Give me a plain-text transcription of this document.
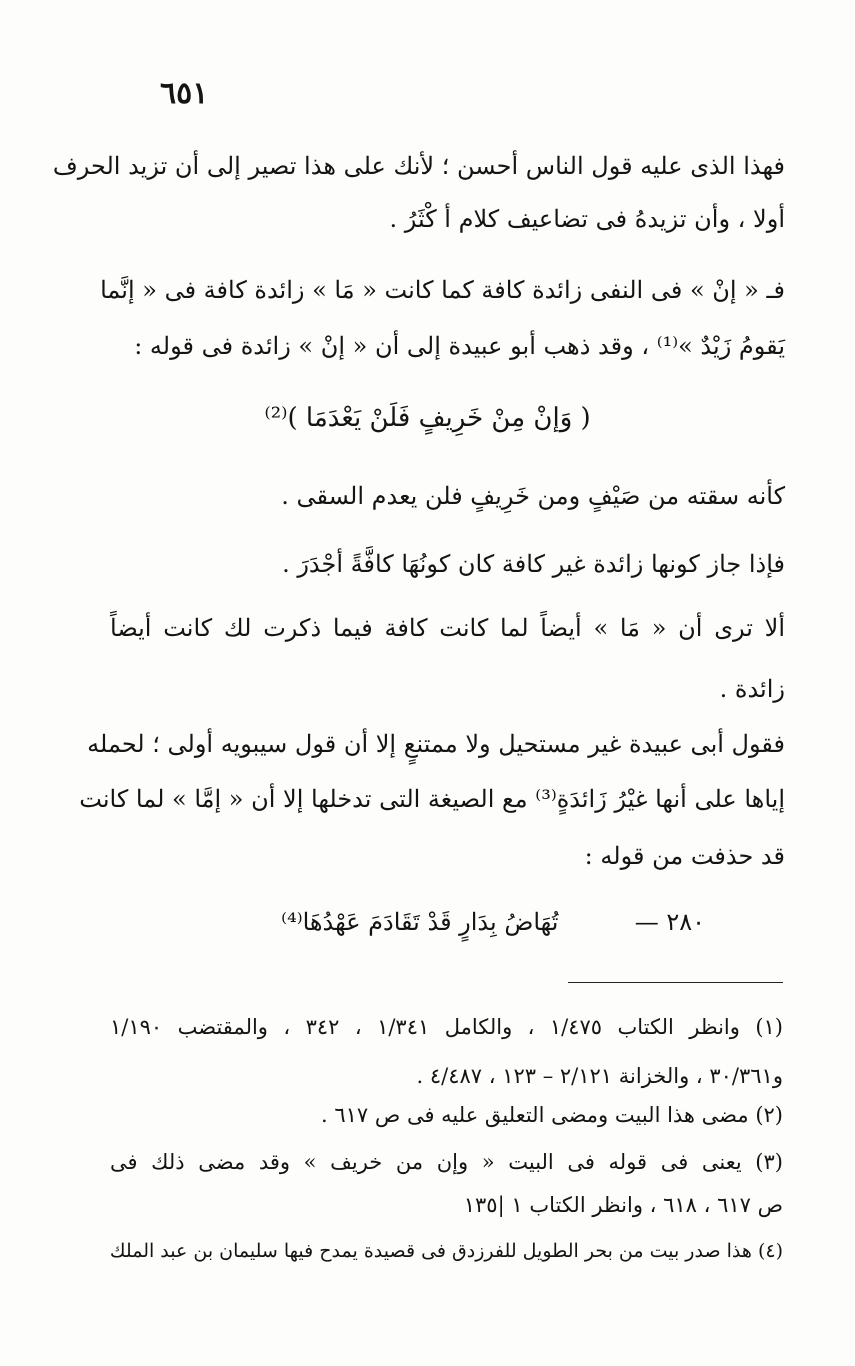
٦٥١
فهذا الذى عليه قول الناس أحسن ؛ لأنك على هذا تصير إلى أن تزيد الحرف
أولا ، وأن تزيدهُ فى تضاعيف كلام أ كْثَرُ .
فـ « إنْ » فى النفى زائدة كافة كما كانت « مَا » زائدة كافة فى « إنَّما
يَقومُ زَيْدٌ »⁽¹⁾ ، وقد ذهب أبو عبيدة إلى أن « إنْ » زائدة فى قوله :
( وَإنْ مِنْ خَرِيفٍ فَلَنْ يَعْدَمَا )⁽²⁾
كأنه سقته من صَيْفٍ ومن خَرِيفٍ فلن يعدم السقى .
فإذا جاز كونها زائدة غير كافة كان كونُهَا كافَّةً أجْدَرَ .
ألا ترى أن « مَا » أيضاً لما كانت كافة فيما ذكرت لك كانت أيضاً
زائدة .
فقول أبى عبيدة غير مستحيل ولا ممتنعٍ إلا أن قول سيبويه أولى ؛ لحمله
إياها على أنها غيْرُ زَائدَةٍ⁽³⁾ مع الصيغة التى تدخلها إلا أن « إمَّا » لما كانت
قد حذفت من قوله :
٢٨٠ —          تُهَاضُ بِدَارٍ قَدْ تَقَادَمَ عَهْدُهَا⁽⁴⁾
(١) وانظر الكتاب ١/٤٧٥ ، والكامل ١/٣٤١ ، ٣٤٢ ، والمقتضب ١/١٩٠
و٣٠/٣٦١ ، والخزانة ٢/١٢١ – ١٢٣ ، ٤/٤٨٧ .
(٢) مضى هذا البيت ومضى التعليق عليه فى ص ٦١٧ .
(٣) يعنى فى قوله فى البيت « وإن من خريف » وقد مضى ذلك فى
ص ٦١٧ ، ٦١٨ ، وانظر الكتاب ١ |١٣٥
(٤) هذا صدر بيت من بحر الطويل للفرزدق فى قصيدة يمدح فيها سليمان بن عبد الملك
